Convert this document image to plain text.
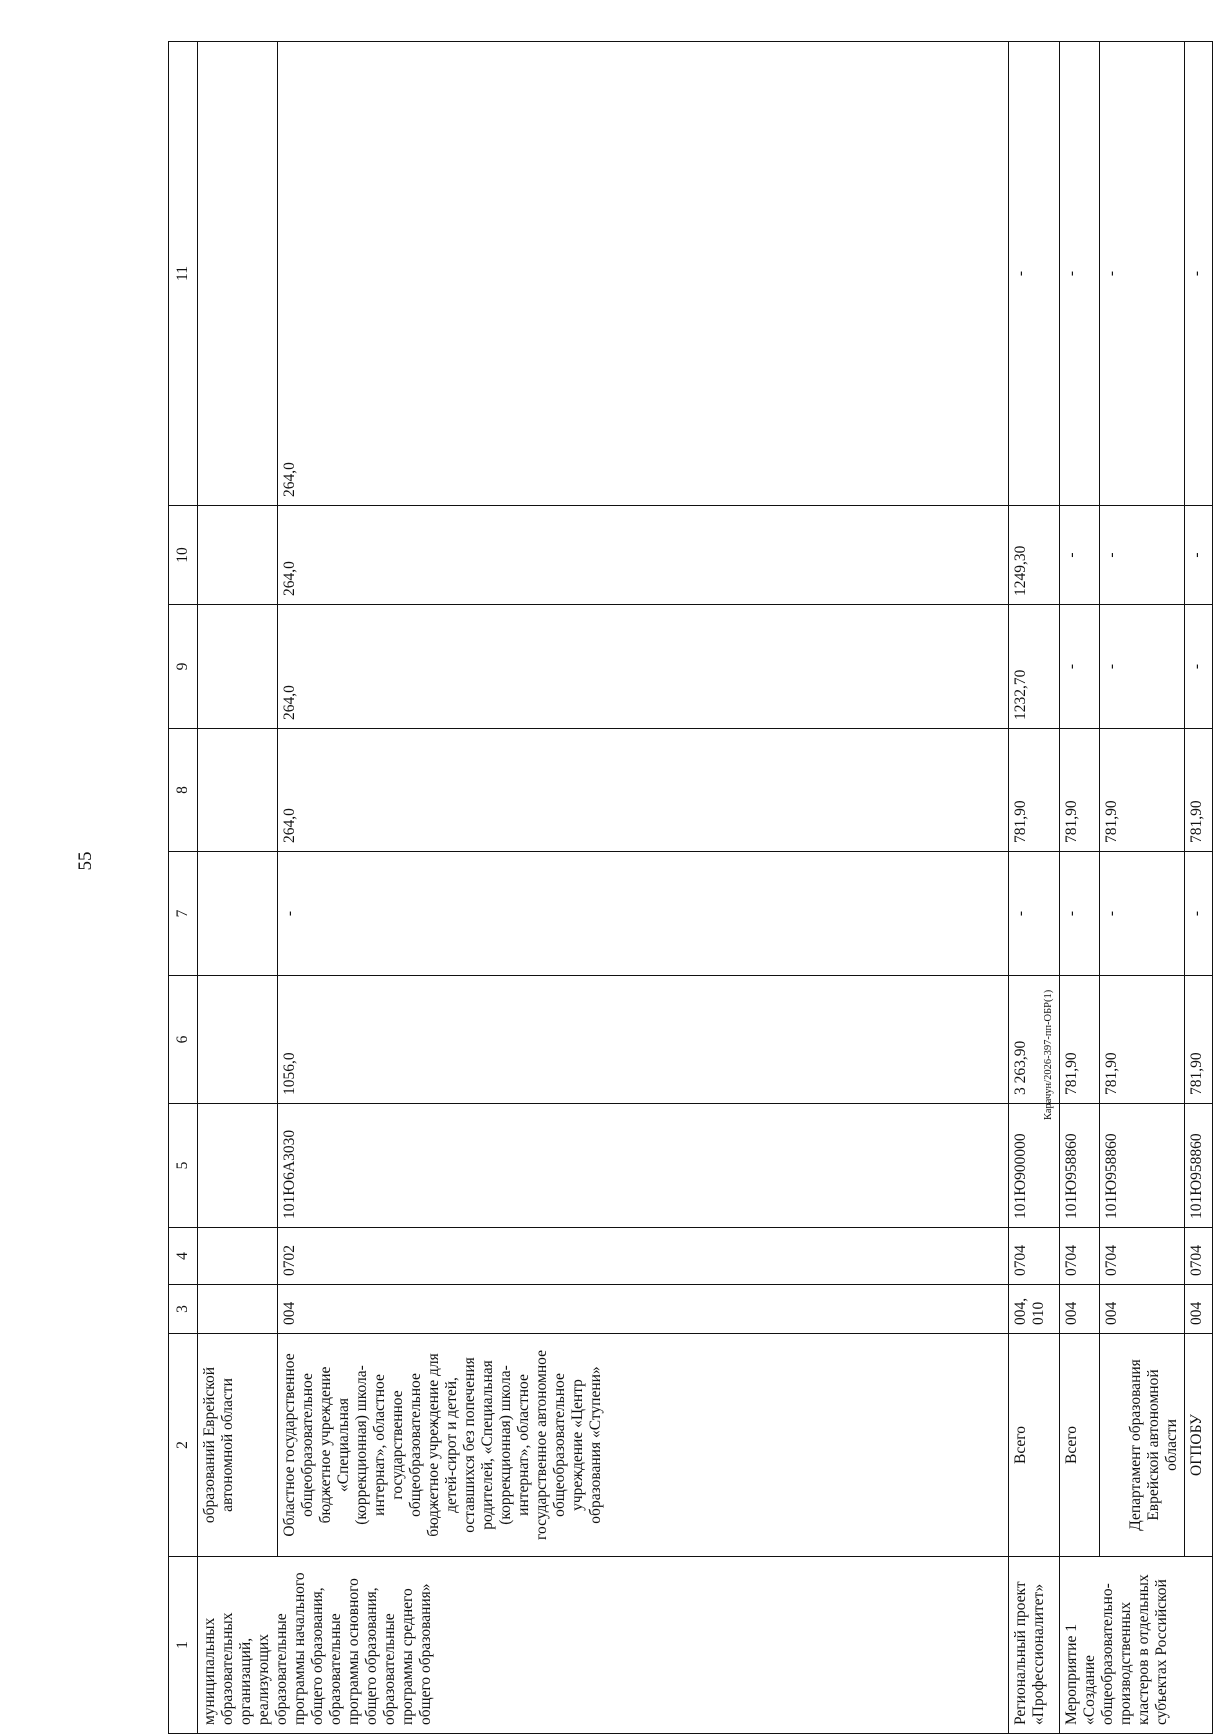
55
1	2	3	4	5	6	7	8	9	10	11
муниципальных образовательных организаций, реализующих образовательные программы начального общего образования, образовательные программы основного общего образования, образовательные программы среднего общего образования»	образований Еврейской автономной области									
	Областное государственное общеобразовательное бюджетное учреждение «Специальная (коррекционная) школа-интернат», областное государственное общеобразовательное бюджетное учреждение для детей-сирот и детей, оставшихся без попечения родителей, «Специальная (коррекционная) школа-интернат», областное государственное автономное общеобразовательное учреждение «Центр образования «Ступени»	004	0702	101Ю6А3030	1056,0	-	264,0	264,0	264,0	264,0
Региональный проект «Профессионалитет»	Всего	004, 010	0704	101Ю900000	3 263,90	-	781,90	1232,70	1249,30	-
Мероприятие 1 «Создание общеобразовательно-производственных кластеров в отдельных субъектах Российской	Всего	004	0704	101Ю958860	781,90	-	781,90	-	-	-
	Департамент образования Еврейской автономной области	004	0704	101Ю958860	781,90	-	781,90	-	-	-
	ОГПОБУ	004	0704	101Ю958860	781,90	-	781,90	-	-	-
Карачун/2026-397-пп-ОБР(1)
